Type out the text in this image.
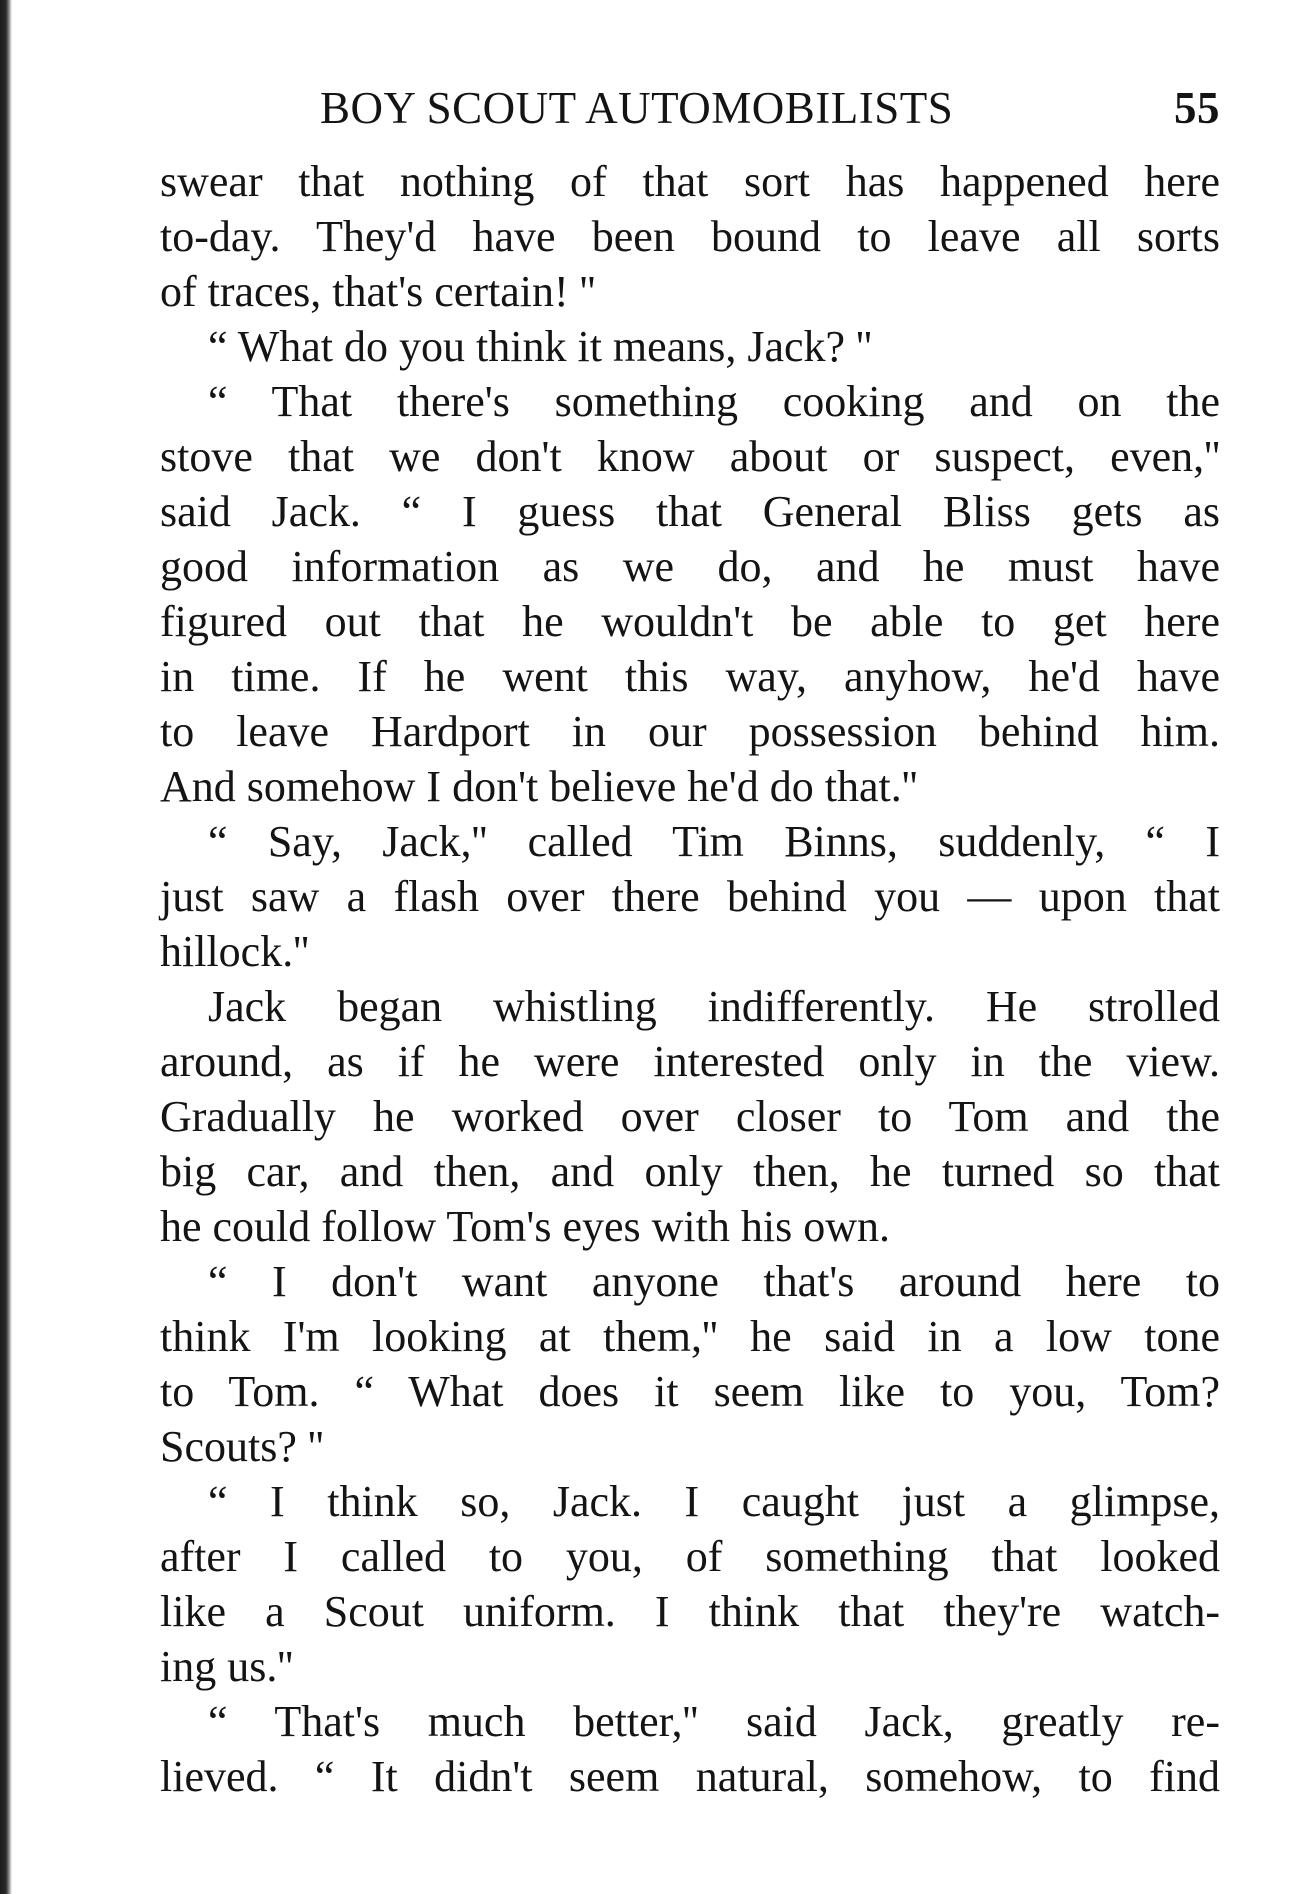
BOY SCOUT AUTOMOBILISTS	55
swear that nothing of that sort has happened here
to-day. They'd have been bound to leave all sorts
of traces, that's certain! ''
“ What do you think it means, Jack? ''
“ That there's something cooking and on the
stove that we don't know about or suspect, even,''
said Jack. “ I guess that General Bliss gets as
good information as we do, and he must have
figured out that he wouldn't be able to get here
in time. If he went this way, anyhow, he'd have
to leave Hardport in our possession behind him.
And somehow I don't believe he'd do that.''
“ Say, Jack,'' called Tim Binns, suddenly, “ I
just saw a flash over there behind you — upon that
hillock.''
Jack began whistling indifferently. He strolled
around, as if he were interested only in the view.
Gradually he worked over closer to Tom and the
big car, and then, and only then, he turned so that
he could follow Tom's eyes with his own.
“ I don't want anyone that's around here to
think I'm looking at them,'' he said in a low tone
to Tom. “ What does it seem like to you, Tom?
Scouts? ''
“ I think so, Jack. I caught just a glimpse,
after I called to you, of something that looked
like a Scout uniform. I think that they're watch-
ing us.''
“ That's much better,'' said Jack, greatly re-
lieved. “ It didn't seem natural, somehow, to find
